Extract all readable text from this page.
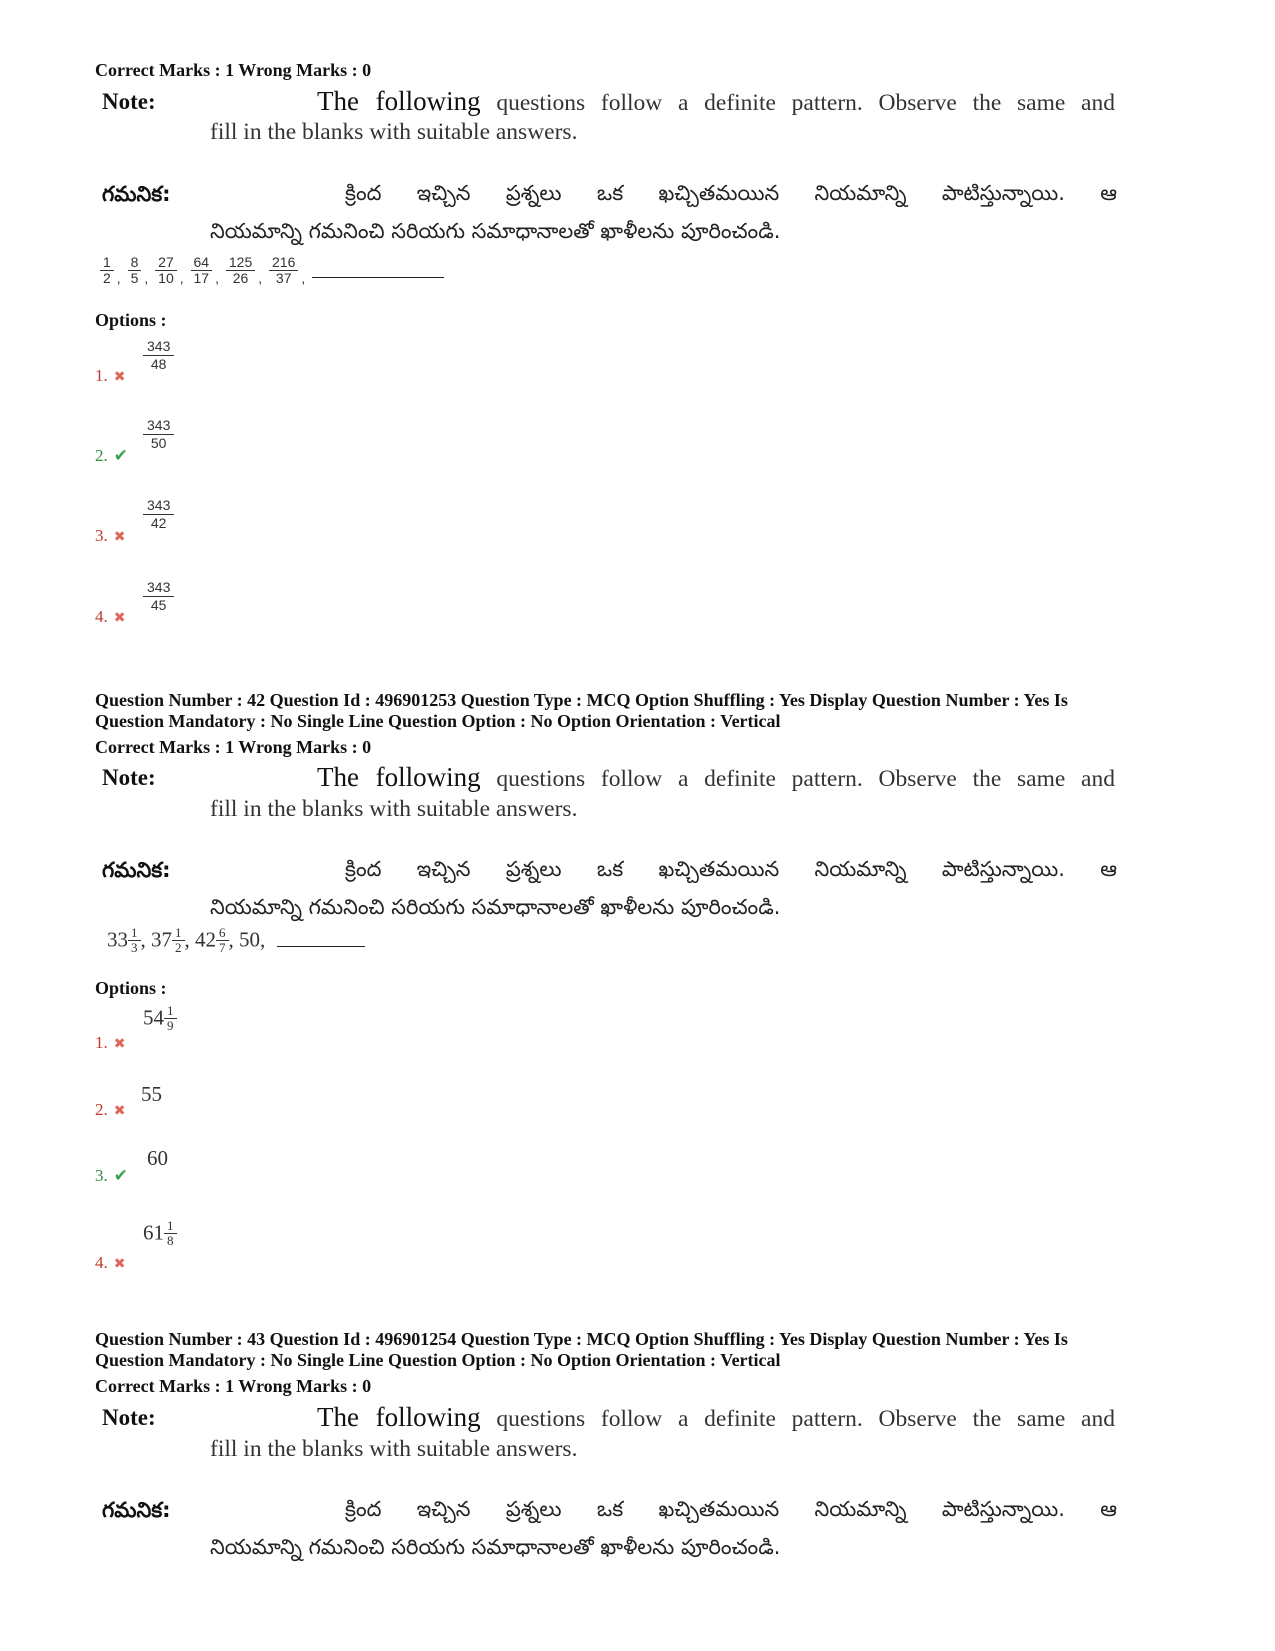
Correct Marks : 1 Wrong Marks : 0
Note:	The following questions follow a definite pattern. Observe the same and
fill in the blanks with suitable answers.
గమనిక:	క్రింద ఇచ్చిన ప్రశ్నలు ఒక ఖచ్చితమయిన నియమాన్ని పాటిస్తున్నాయి. ఆ
నియమాన్ని గమనించి సరియగు సమాధానాలతో ఖాళీలను పూరించండి.
$\frac{1}{2}$ , $\frac{8}{5}$ , $\frac{27}{10}$ , $\frac{64}{17}$ , $\frac{125}{26}$ , $\frac{216}{37}$ ,
Options :
1. ✖
$\frac{343}{48}$
2. ✔
$\frac{343}{50}$
3. ✖
$\frac{343}{42}$
4. ✖
$\frac{343}{45}$
Question Number : 42 Question Id : 496901253 Question Type : MCQ Option Shuffling : Yes Display Question Number : Yes Is
Question Mandatory : No Single Line Question Option : No Option Orientation : Vertical
Correct Marks : 1 Wrong Marks : 0
Note:	The following questions follow a definite pattern. Observe the same and
fill in the blanks with suitable answers.
గమనిక:	క్రింద ఇచ్చిన ప్రశ్నలు ఒక ఖచ్చితమయిన నియమాన్ని పాటిస్తున్నాయి. ఆ
నియమాన్ని గమనించి సరియగు సమాధానాలతో ఖాళీలను పూరించండి.
$33 \frac{1}{3}$ , $37 \frac{1}{2}$ , $42 \frac{6}{7}$ , 50,
Options :
1. ✖
$54 \frac{1}{9}$
2. ✖
55
3. ✔
60
4. ✖
$61 \frac{1}{8}$
Question Number : 43 Question Id : 496901254 Question Type : MCQ Option Shuffling : Yes Display Question Number : Yes Is
Question Mandatory : No Single Line Question Option : No Option Orientation : Vertical
Correct Marks : 1 Wrong Marks : 0
Note:	The following questions follow a definite pattern. Observe the same and
fill in the blanks with suitable answers.
గమనిక:	క్రింద ఇచ్చిన ప్రశ్నలు ఒక ఖచ్చితమయిన నియమాన్ని పాటిస్తున్నాయి. ఆ
నియమాన్ని గమనించి సరియగు సమాధానాలతో ఖాళీలను పూరించండి.
